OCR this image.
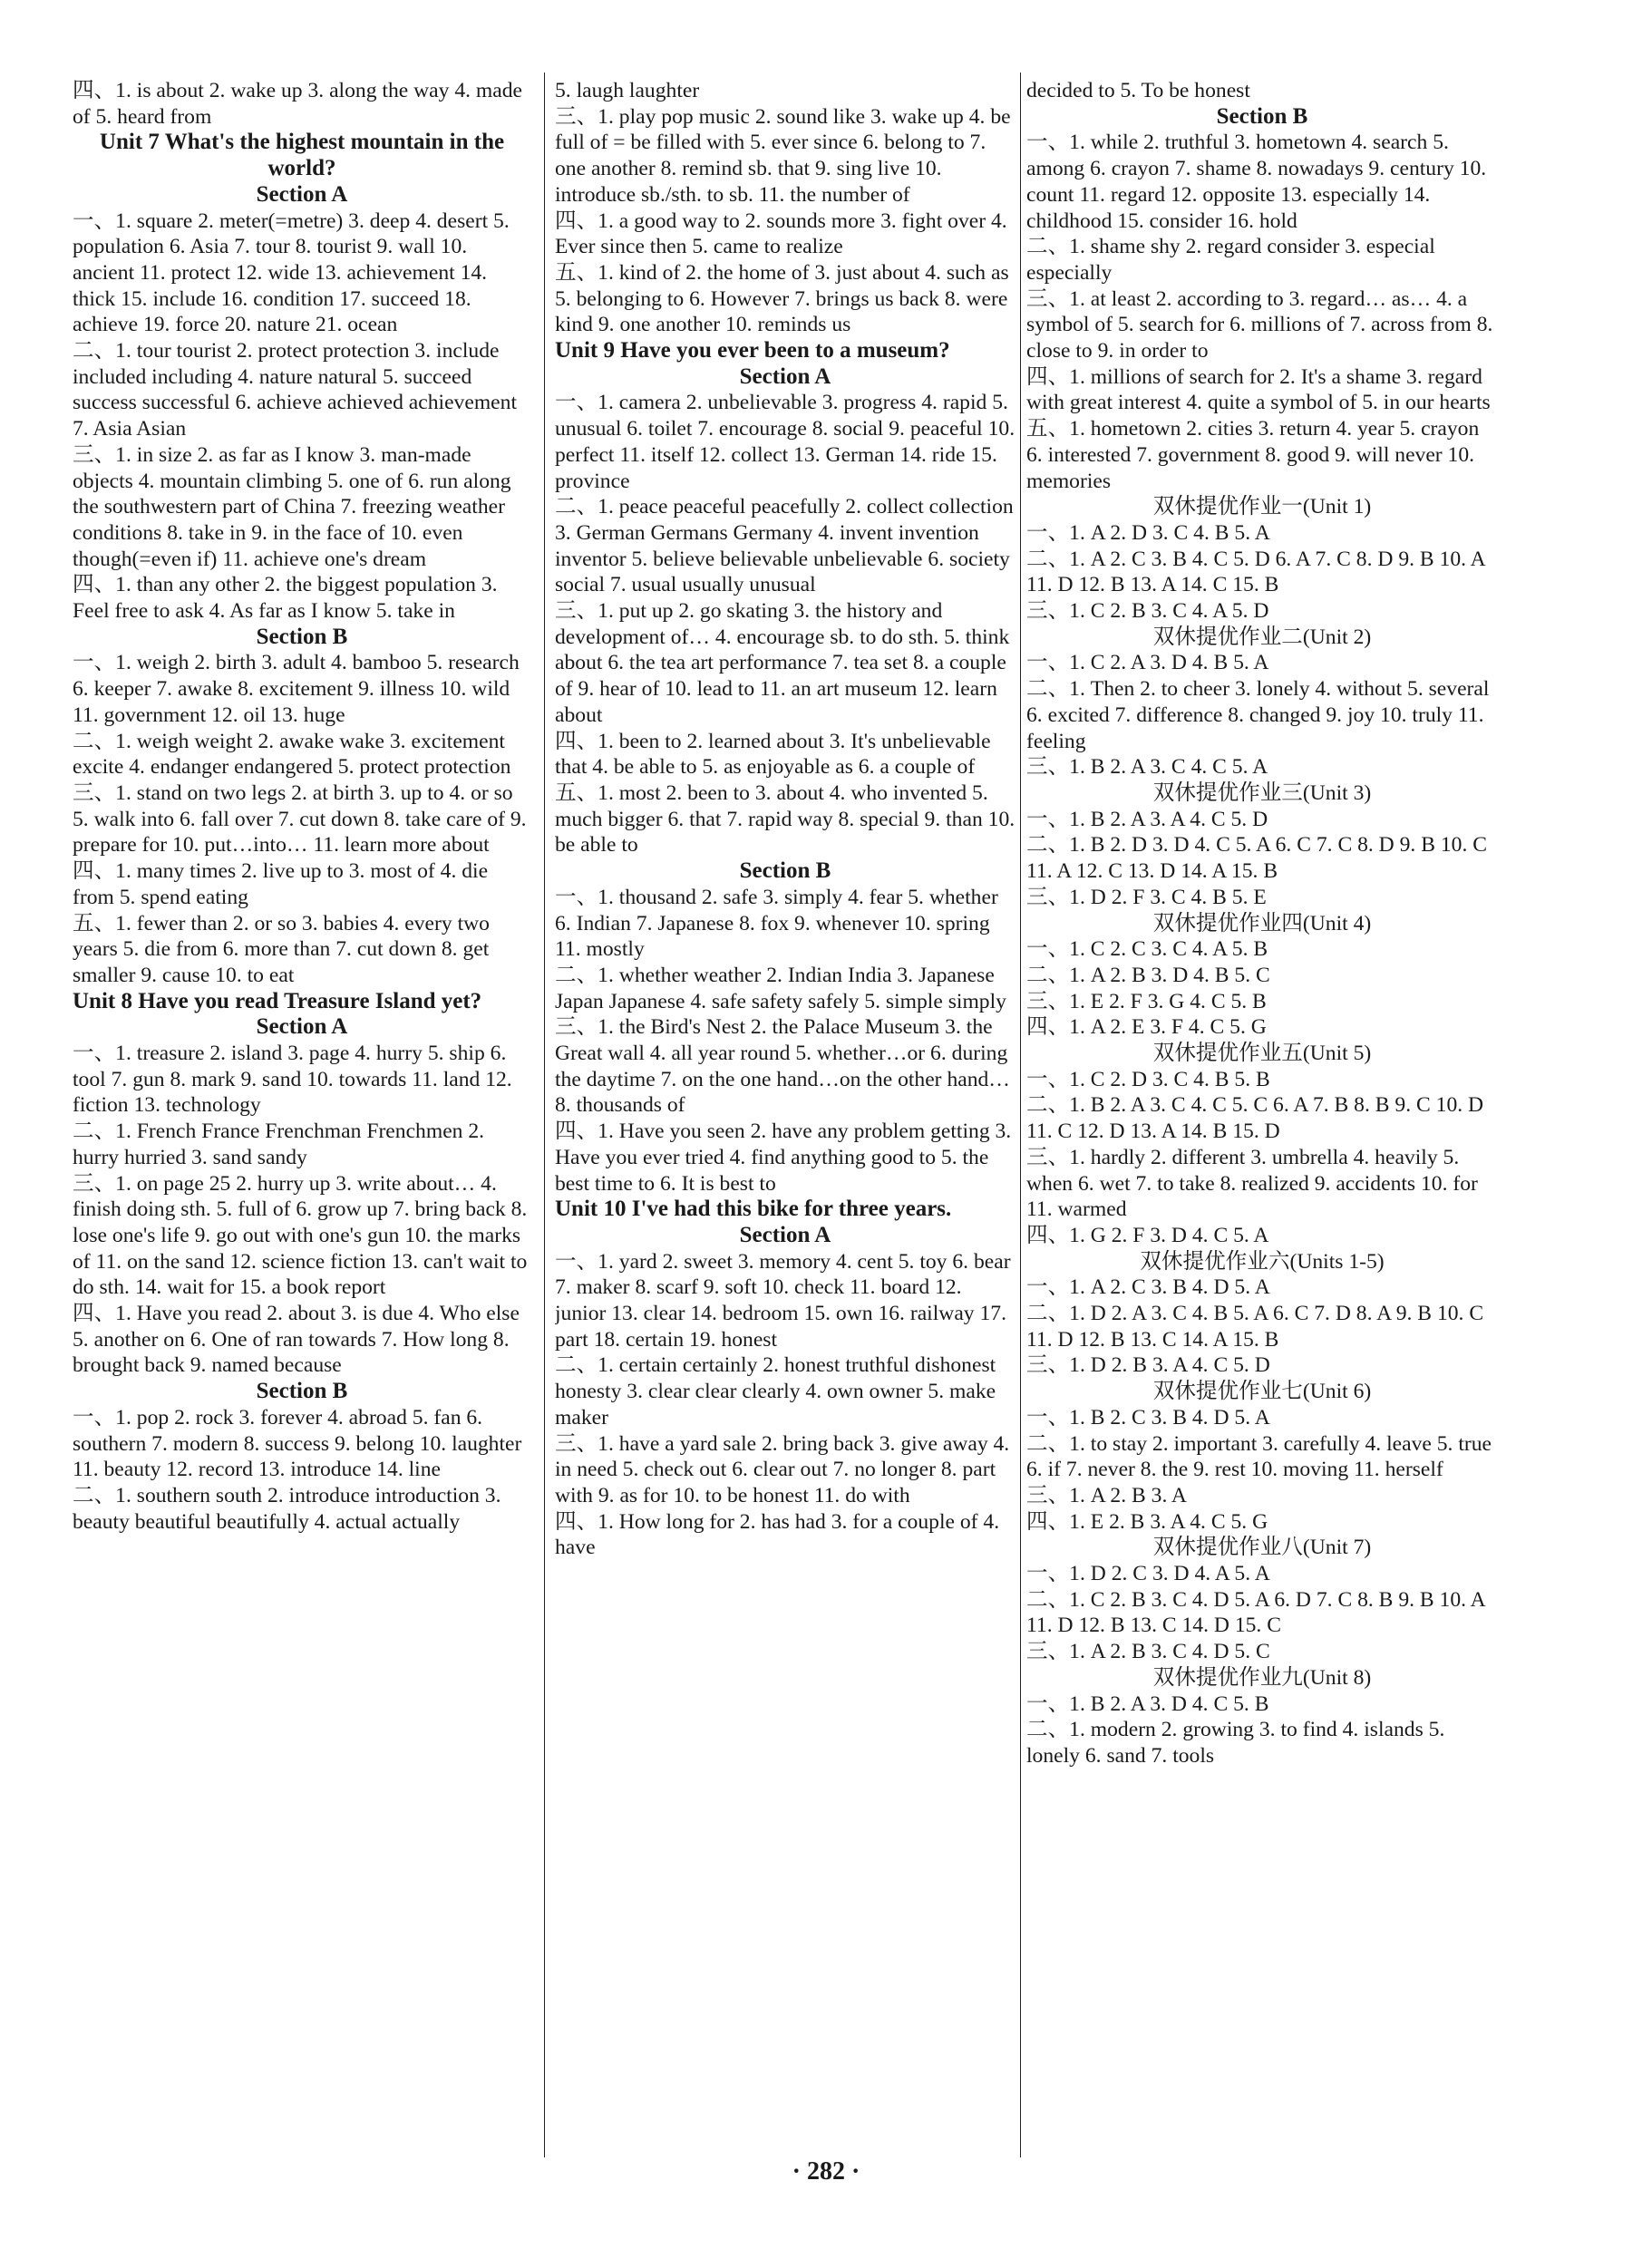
四、1. is about 2. wake up 3. along the way 4. made of 5. heard from
Unit 7 What's the highest mountain in the world?
Section A
一、1. square 2. meter(=metre) 3. deep 4. desert 5. population 6. Asia 7. tour 8. tourist 9. wall 10. ancient 11. protect 12. wide 13. achievement 14. thick 15. include 16. condition 17. succeed 18. achieve 19. force 20. nature 21. ocean
二、1. tour tourist 2. protect protection 3. include included including 4. nature natural 5. succeed success successful 6. achieve achieved achievement 7. Asia Asian
三、1. in size 2. as far as I know 3. man-made objects 4. mountain climbing 5. one of 6. run along the southwestern part of China 7. freezing weather conditions 8. take in 9. in the face of 10. even though(=even if) 11. achieve one's dream
四、1. than any other 2. the biggest population 3. Feel free to ask 4. As far as I know 5. take in
Section B
一、1. weigh 2. birth 3. adult 4. bamboo 5. research 6. keeper 7. awake 8. excitement 9. illness 10. wild 11. government 12. oil 13. huge
二、1. weigh weight 2. awake wake 3. excitement excite 4. endanger endangered 5. protect protection
三、1. stand on two legs 2. at birth 3. up to 4. or so 5. walk into 6. fall over 7. cut down 8. take care of 9. prepare for 10. put…into… 11. learn more about
四、1. many times 2. live up to 3. most of 4. die from 5. spend eating
五、1. fewer than 2. or so 3. babies 4. every two years 5. die from 6. more than 7. cut down 8. get smaller 9. cause 10. to eat
Unit 8 Have you read Treasure Island yet?
Section A
一、1. treasure 2. island 3. page 4. hurry 5. ship 6. tool 7. gun 8. mark 9. sand 10. towards 11. land 12. fiction 13. technology
二、1. French France Frenchman Frenchmen 2. hurry hurried 3. sand sandy
三、1. on page 25 2. hurry up 3. write about… 4. finish doing sth. 5. full of 6. grow up 7. bring back 8. lose one's life 9. go out with one's gun 10. the marks of 11. on the sand 12. science fiction 13. can't wait to do sth. 14. wait for 15. a book report
四、1. Have you read 2. about 3. is due 4. Who else 5. another on 6. One of ran towards 7. How long 8. brought back 9. named because
Section B
一、1. pop 2. rock 3. forever 4. abroad 5. fan 6. southern 7. modern 8. success 9. belong 10. laughter 11. beauty 12. record 13. introduce 14. line
二、1. southern south 2. introduce introduction 3. beauty beautiful beautifully 4. actual actually
5. laugh laughter
三、1. play pop music 2. sound like 3. wake up 4. be full of = be filled with 5. ever since 6. belong to 7. one another 8. remind sb. that 9. sing live 10. introduce sb./sth. to sb. 11. the number of
四、1. a good way to 2. sounds more 3. fight over 4. Ever since then 5. came to realize
五、1. kind of 2. the home of 3. just about 4. such as 5. belonging to 6. However 7. brings us back 8. were kind 9. one another 10. reminds us
Unit 9 Have you ever been to a museum?
Section A
一、1. camera 2. unbelievable 3. progress 4. rapid 5. unusual 6. toilet 7. encourage 8. social 9. peaceful 10. perfect 11. itself 12. collect 13. German 14. ride 15. province
二、1. peace peaceful peacefully 2. collect collection 3. German Germans Germany 4. invent invention inventor 5. believe believable unbelievable 6. society social 7. usual usually unusual
三、1. put up 2. go skating 3. the history and development of… 4. encourage sb. to do sth. 5. think about 6. the tea art performance 7. tea set 8. a couple of 9. hear of 10. lead to 11. an art museum 12. learn about
四、1. been to 2. learned about 3. It's unbelievable that 4. be able to 5. as enjoyable as 6. a couple of
五、1. most 2. been to 3. about 4. who invented 5. much bigger 6. that 7. rapid way 8. special 9. than 10. be able to
Section B
一、1. thousand 2. safe 3. simply 4. fear 5. whether 6. Indian 7. Japanese 8. fox 9. whenever 10. spring 11. mostly
二、1. whether weather 2. Indian India 3. Japanese Japan Japanese 4. safe safety safely 5. simple simply
三、1. the Bird's Nest 2. the Palace Museum 3. the Great wall 4. all year round 5. whether…or 6. during the daytime 7. on the one hand…on the other hand… 8. thousands of
四、1. Have you seen 2. have any problem getting 3. Have you ever tried 4. find anything good to 5. the best time to 6. It is best to
Unit 10 I've had this bike for three years.
Section A
一、1. yard 2. sweet 3. memory 4. cent 5. toy 6. bear 7. maker 8. scarf 9. soft 10. check 11. board 12. junior 13. clear 14. bedroom 15. own 16. railway 17. part 18. certain 19. honest
二、1. certain certainly 2. honest truthful dishonest honesty 3. clear clear clearly 4. own owner 5. make maker
三、1. have a yard sale 2. bring back 3. give away 4. in need 5. check out 6. clear out 7. no longer 8. part with 9. as for 10. to be honest 11. do with
四、1. How long for 2. has had 3. for a couple of 4. have
decided to 5. To be honest
Section B
一、1. while 2. truthful 3. hometown 4. search 5. among 6. crayon 7. shame 8. nowadays 9. century 10. count 11. regard 12. opposite 13. especially 14. childhood 15. consider 16. hold
二、1. shame shy 2. regard consider 3. especial especially
三、1. at least 2. according to 3. regard… as… 4. a symbol of 5. search for 6. millions of 7. across from 8. close to 9. in order to
四、1. millions of search for 2. It's a shame 3. regard with great interest 4. quite a symbol of 5. in our hearts
五、1. hometown 2. cities 3. return 4. year 5. crayon 6. interested 7. government 8. good 9. will never 10. memories
双休提优作业一(Unit 1)
一、1. A 2. D 3. C 4. B 5. A
二、1. A 2. C 3. B 4. C 5. D 6. A 7. C 8. D 9. B 10. A 11. D 12. B 13. A 14. C 15. B
三、1. C 2. B 3. C 4. A 5. D
双休提优作业二(Unit 2)
一、1. C 2. A 3. D 4. B 5. A
二、1. Then 2. to cheer 3. lonely 4. without 5. several 6. excited 7. difference 8. changed 9. joy 10. truly 11. feeling
三、1. B 2. A 3. C 4. C 5. A
双休提优作业三(Unit 3)
一、1. B 2. A 3. A 4. C 5. D
二、1. B 2. D 3. D 4. C 5. A 6. C 7. C 8. D 9. B 10. C 11. A 12. C 13. D 14. A 15. B
三、1. D 2. F 3. C 4. B 5. E
双休提优作业四(Unit 4)
一、1. C 2. C 3. C 4. A 5. B
二、1. A 2. B 3. D 4. B 5. C
三、1. E 2. F 3. G 4. C 5. B
四、1. A 2. E 3. F 4. C 5. G
双休提优作业五(Unit 5)
一、1. C 2. D 3. C 4. B 5. B
二、1. B 2. A 3. C 4. C 5. C 6. A 7. B 8. B 9. C 10. D 11. C 12. D 13. A 14. B 15. D
三、1. hardly 2. different 3. umbrella 4. heavily 5. when 6. wet 7. to take 8. realized 9. accidents 10. for 11. warmed
四、1. G 2. F 3. D 4. C 5. A
双休提优作业六(Units 1-5)
一、1. A 2. C 3. B 4. D 5. A
二、1. D 2. A 3. C 4. B 5. A 6. C 7. D 8. A 9. B 10. C 11. D 12. B 13. C 14. A 15. B
三、1. D 2. B 3. A 4. C 5. D
双休提优作业七(Unit 6)
一、1. B 2. C 3. B 4. D 5. A
二、1. to stay 2. important 3. carefully 4. leave 5. true 6. if 7. never 8. the 9. rest 10. moving 11. herself
三、1. A 2. B 3. A
四、1. E 2. B 3. A 4. C 5. G
双休提优作业八(Unit 7)
一、1. D 2. C 3. D 4. A 5. A
二、1. C 2. B 3. C 4. D 5. A 6. D 7. C 8. B 9. B 10. A 11. D 12. B 13. C 14. D 15. C
三、1. A 2. B 3. C 4. D 5. C
双休提优作业九(Unit 8)
一、1. B 2. A 3. D 4. C 5. B
二、1. modern 2. growing 3. to find 4. islands 5. lonely 6. sand 7. tools
· 282 ·
